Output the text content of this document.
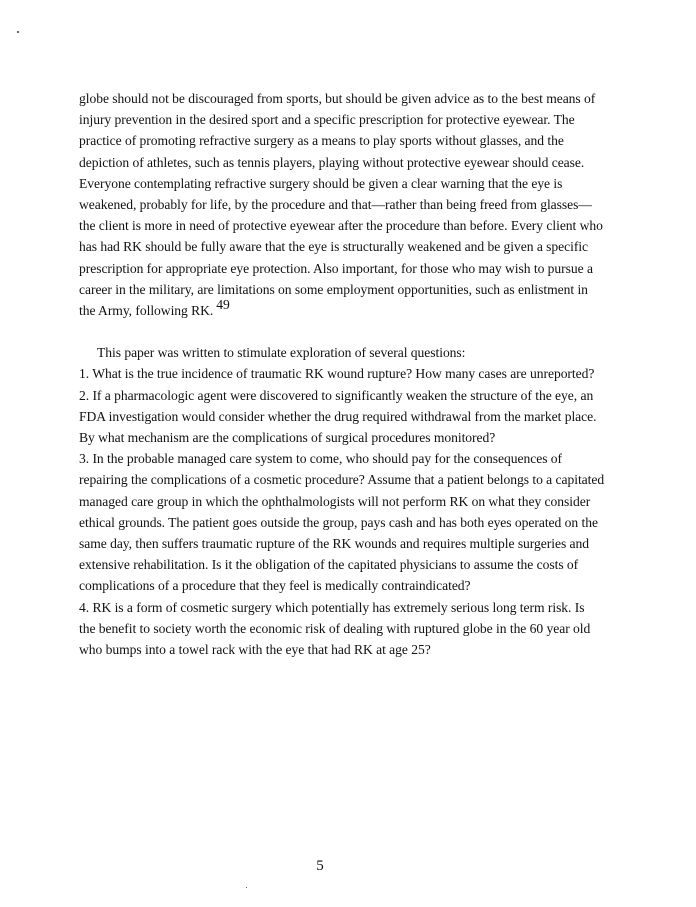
globe should not be discouraged from sports, but should be given advice as to the best means of
injury prevention in the desired sport and a specific prescription for protective eyewear. The
practice of promoting refractive surgery as a means to play sports without glasses, and the
depiction of athletes, such as tennis players, playing without protective eyewear should cease.
Everyone contemplating refractive surgery should be given a clear warning that the eye is
weakened, probably for life, by the procedure and that—rather than being freed from glasses—
the client is more in need of protective eyewear after the procedure than before. Every client who
has had RK should be fully aware that the eye is structurally weakened and be given a specific
prescription for appropriate eye protection. Also important, for those who may wish to pursue a
career in the military, are limitations on some employment opportunities, such as enlistment in
the Army, following RK. 49
This paper was written to stimulate exploration of several questions:
1. What is the true incidence of traumatic RK wound rupture? How many cases are unreported?
2. If a pharmacologic agent were discovered to significantly weaken the structure of the eye, an
FDA investigation would consider whether the drug required withdrawal from the market place.
By what mechanism are the complications of surgical procedures monitored?
3. In the probable managed care system to come, who should pay for the consequences of
repairing the complications of a cosmetic procedure? Assume that a patient belongs to a capitated
managed care group in which the ophthalmologists will not perform RK on what they consider
ethical grounds. The patient goes outside the group, pays cash and has both eyes operated on the
same day, then suffers traumatic rupture of the RK wounds and requires multiple surgeries and
extensive rehabilitation. Is it the obligation of the capitated physicians to assume the costs of
complications of a procedure that they feel is medically contraindicated?
4. RK is a form of cosmetic surgery which potentially has extremely serious long term risk. Is
the benefit to society worth the economic risk of dealing with ruptured globe in the 60 year old
who bumps into a towel rack with the eye that had RK at age 25?
5
